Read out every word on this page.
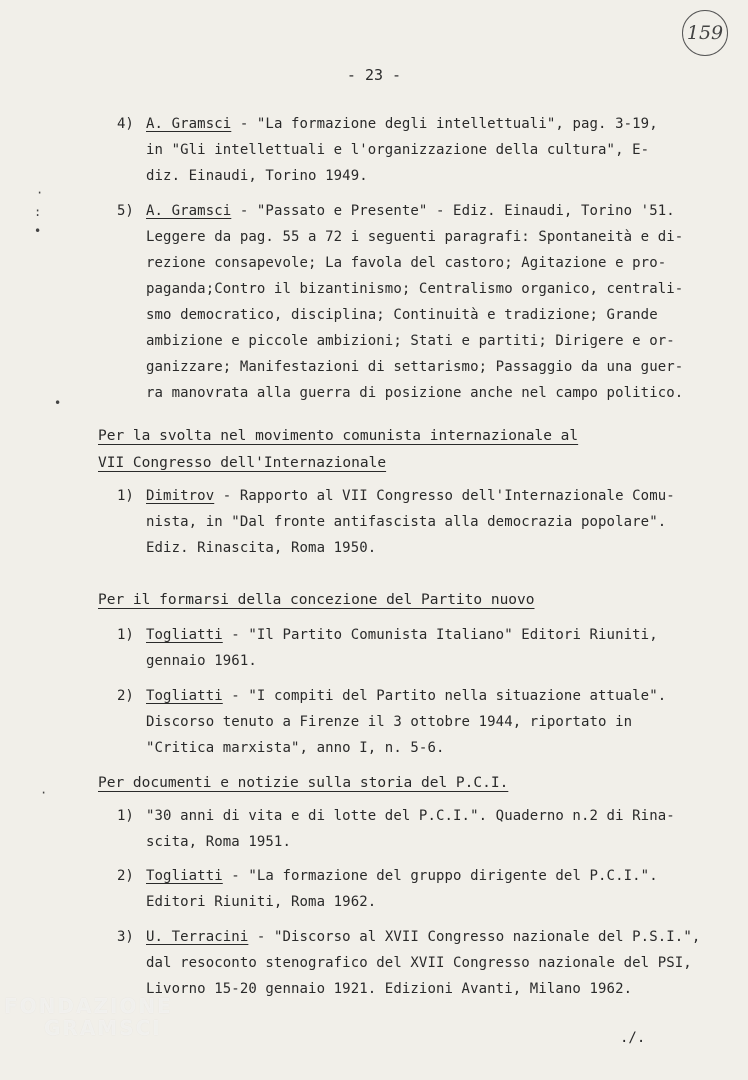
159
- 23 -
·
:
•
•
·
4) A. Gramsci - "La formazione degli intellettuali", pag. 3-19,
in "Gli intellettuali e l'organizzazione della cultura", E-
diz. Einaudi, Torino 1949.
5) A. Gramsci - "Passato e Presente" - Ediz. Einaudi, Torino '51.
Leggere da pag. 55 a 72 i seguenti paragrafi: Spontaneità e di-
rezione consapevole; La favola del castoro; Agitazione e pro-
paganda;Contro il bizantinismo; Centralismo organico, centrali-
smo democratico, disciplina; Continuità e tradizione; Grande
ambizione e piccole ambizioni; Stati e partiti; Dirigere e or-
ganizzare; Manifestazioni di settarismo; Passaggio da una guer-
ra manovrata alla guerra di posizione anche nel campo politico.
Per la svolta nel movimento comunista internazionale al
VII Congresso dell'Internazionale
1) Dimitrov - Rapporto al VII Congresso dell'Internazionale Comu-
nista, in "Dal fronte antifascista alla democrazia popolare".
Ediz. Rinascita, Roma 1950.
Per il formarsi della concezione del Partito nuovo
1) Togliatti - "Il Partito Comunista Italiano" Editori Riuniti,
gennaio 1961.
2) Togliatti - "I compiti del Partito nella situazione attuale".
Discorso tenuto a Firenze il 3 ottobre 1944, riportato in
"Critica marxista", anno I, n. 5-6.
Per documenti e notizie sulla storia del P.C.I.
1) "30 anni di vita e di lotte del P.C.I.". Quaderno n.2 di Rina-
scita, Roma 1951.
2) Togliatti - "La formazione del gruppo dirigente del P.C.I.".
Editori Riuniti, Roma 1962.
3) U. Terracini - "Discorso al XVII Congresso nazionale del P.S.I.",
dal resoconto stenografico del XVII Congresso nazionale del PSI,
Livorno 15-20 gennaio 1921. Edizioni Avanti, Milano 1962.
./.
FONDAZIONE
GRAMSCI
